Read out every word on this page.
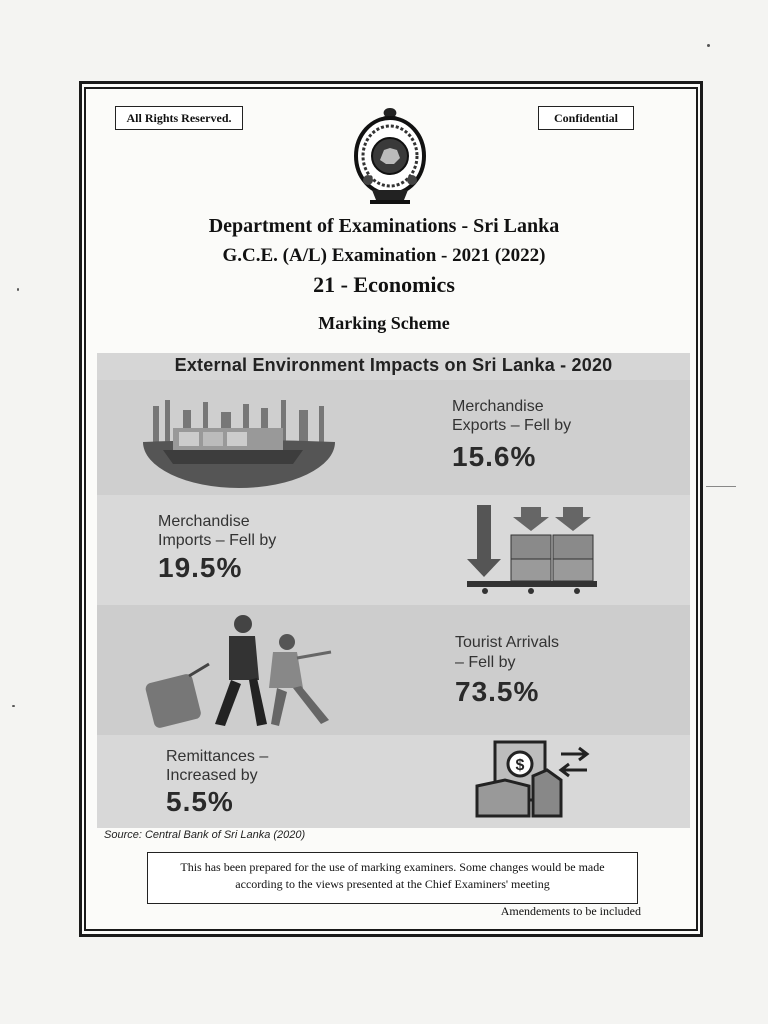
All Rights Reserved.	Confidential
Department of Examinations - Sri Lanka
G.C.E. (A/L) Examination - 2021 (2022)
21 - Economics
Marking Scheme
External Environment Impacts on Sri Lanka - 2020
Merchandise
Exports – Fell by
15.6%
Merchandise
Imports – Fell by
19.5%
Tourist Arrivals
– Fell by
73.5%
Remittances –
Increased by
5.5%
$
Source: Central Bank of Sri Lanka (2020)
This has been prepared for the use of marking examiners. Some changes would be made
according to the views presented at the Chief Examiners' meeting
Amendements to be included
